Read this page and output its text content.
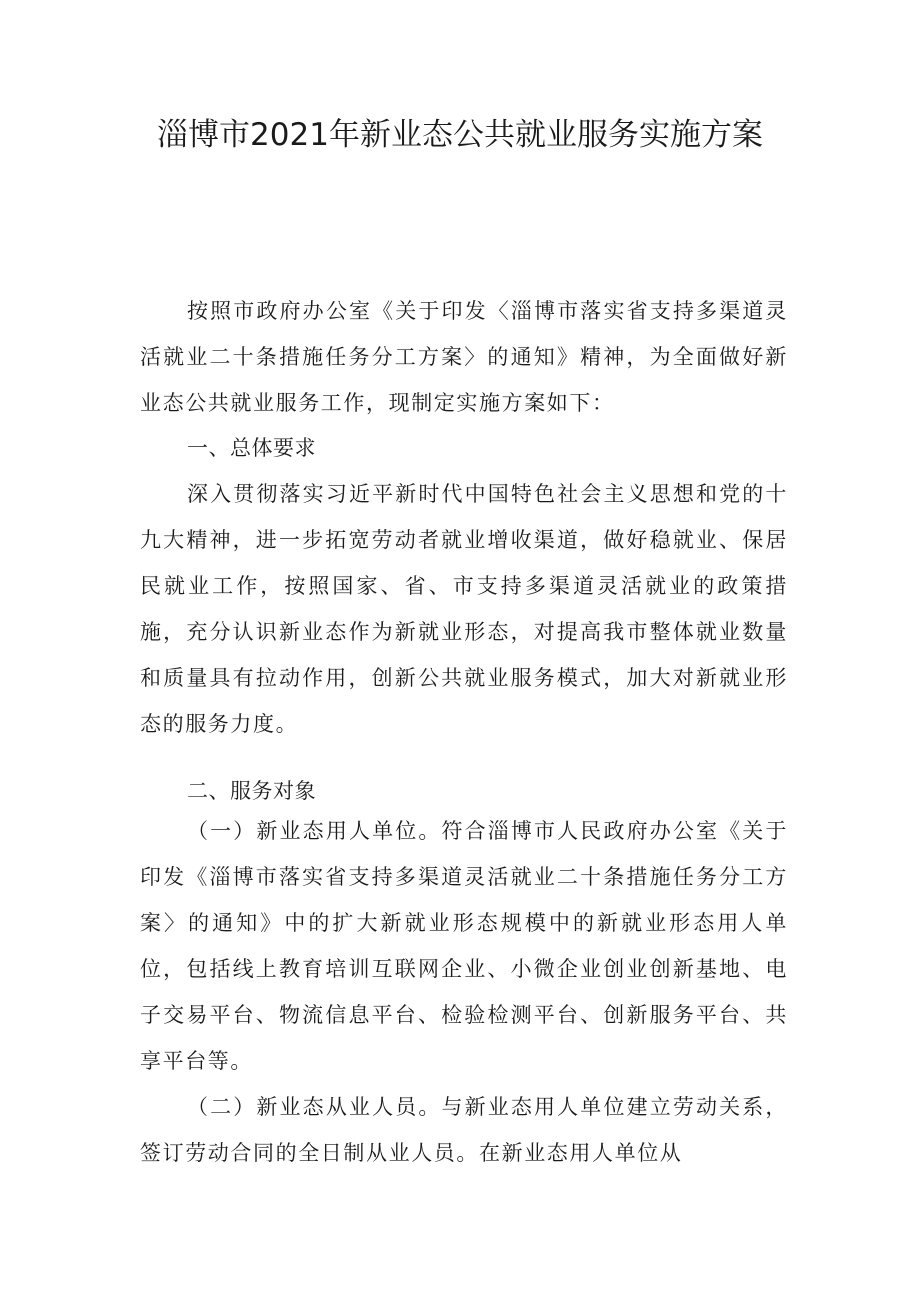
淄博市2021年新业态公共就业服务实施方案

按照市政府办公室《关于印发〈淄博市落实省支持多渠道灵活就业二十条措施任务分工方案〉的通知》精神，为全面做好新业态公共就业服务工作，现制定实施方案如下：

一、总体要求

深入贯彻落实习近平新时代中国特色社会主义思想和党的十九大精神，进一步拓宽劳动者就业增收渠道，做好稳就业、保居民就业工作，按照国家、省、市支持多渠道灵活就业的政策措施，充分认识新业态作为新就业形态，对提高我市整体就业数量和质量具有拉动作用，创新公共就业服务模式，加大对新就业形态的服务力度。

二、服务对象

（一）新业态用人单位。符合淄博市人民政府办公室《关于印发《淄博市落实省支持多渠道灵活就业二十条措施任务分工方案〉的通知》中的扩大新就业形态规模中的新就业形态用人单位，包括线上教育培训互联网企业、小微企业创业创新基地、电子交易平台、物流信息平台、检验检测平台、创新服务平台、共享平台等。

（二）新业态从业人员。与新业态用人单位建立劳动关系，签订劳动合同的全日制从业人员。在新业态用人单位从
